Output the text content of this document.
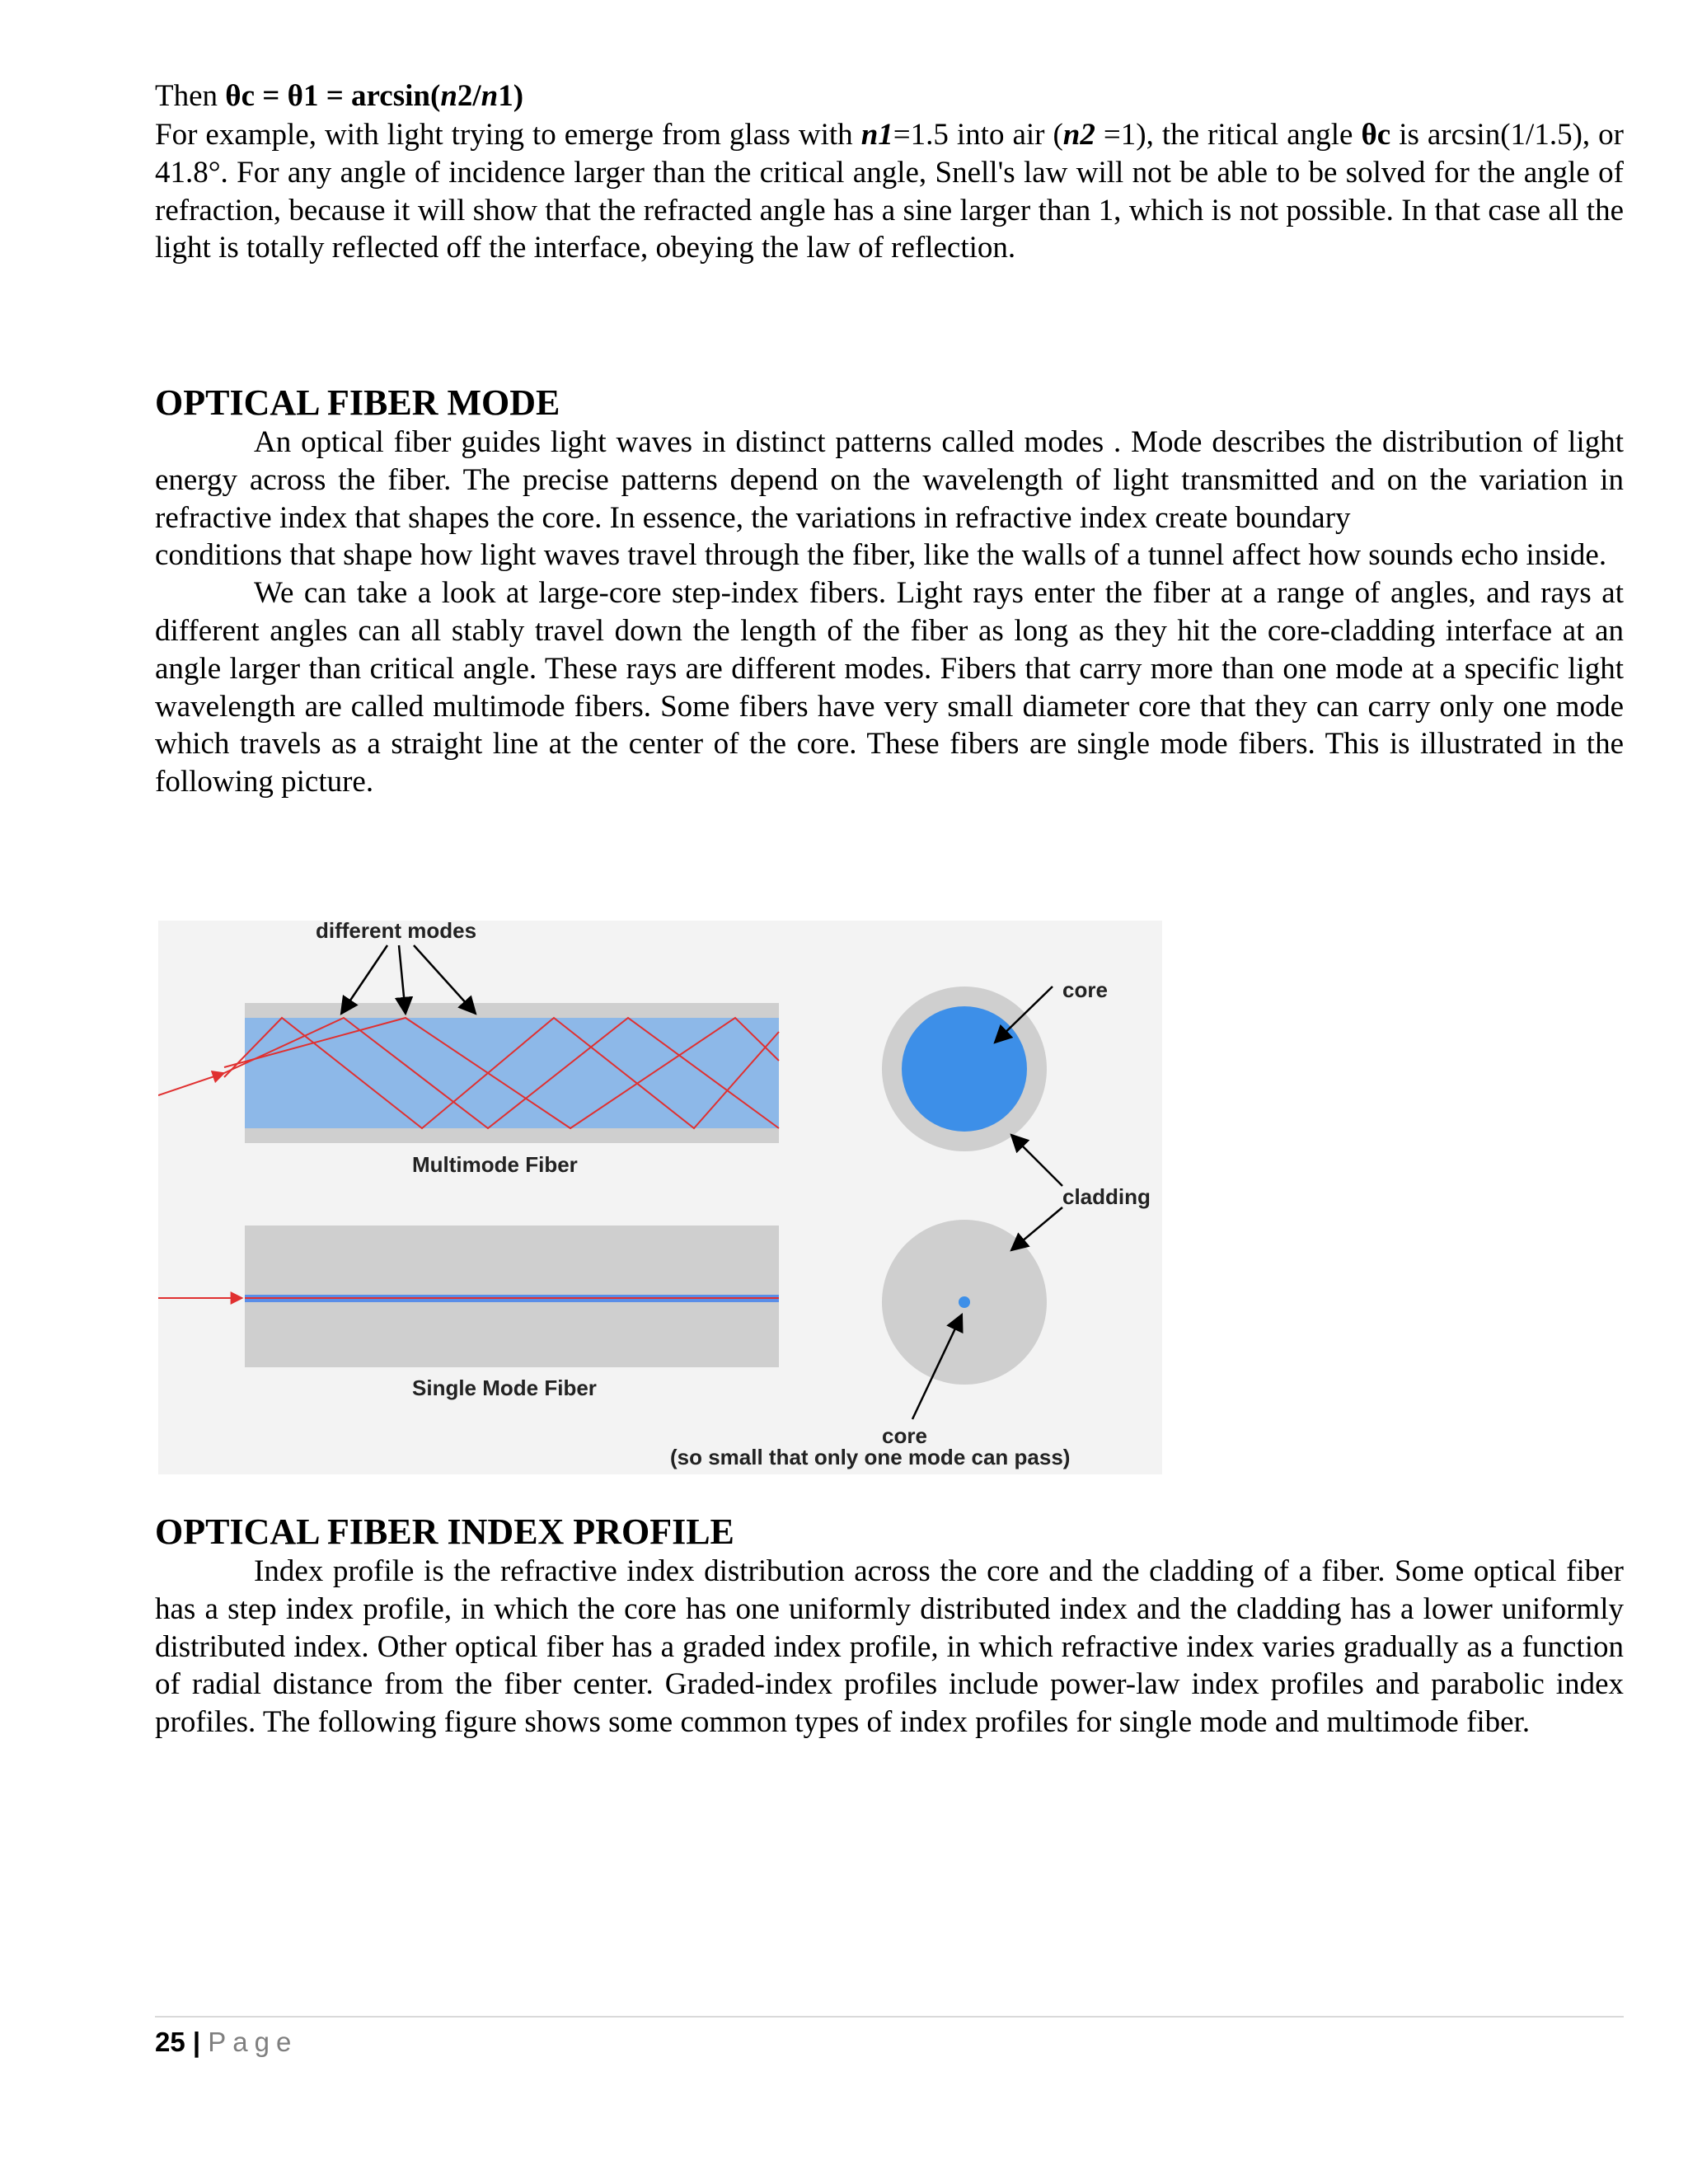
Then θc = θ1 = arcsin(n2/n1)

For example, with light trying to emerge from glass with n1=1.5 into air (n2 =1), the ritical angle θc is arcsin(1/1.5), or 41.8°. For any angle of incidence larger than the critical angle, Snell's law will not be able to be solved for the angle of refraction, because it will show that the refracted angle has a sine larger than 1, which is not possible. In that case all the light is totally reflected off the interface, obeying the law of reflection.

OPTICAL FIBER MODE

An optical fiber guides light waves in distinct patterns called modes . Mode describes the distribution of light energy across the fiber. The precise patterns depend on the wavelength of light transmitted and on the variation in refractive index that shapes the core. In essence, the variations in refractive index create boundary

conditions that shape how light waves travel through the fiber, like the walls of a tunnel affect how sounds echo inside.

We can take a look at large-core step-index fibers. Light rays enter the fiber at a range of angles, and rays at different angles can all stably travel down the length of the fiber as long as they hit the core-cladding interface at an angle larger than critical angle. These rays are different modes. Fibers that carry more than one mode at a specific light wavelength are called multimode fibers. Some fibers have very small diameter core that they can carry only one mode which travels as a straight line at the center of the core. These fibers are single mode fibers. This is illustrated in the following picture.

different modes
Multimode Fiber
Single Mode Fiber
core
cladding
core
(so small that only one mode can pass)
OPTICAL FIBER INDEX PROFILE

Index profile is the refractive index distribution across the core and the cladding of a fiber. Some optical fiber has a step index profile, in which the core has one uniformly distributed index and the cladding has a lower uniformly distributed index. Other optical fiber has a graded index profile, in which refractive index varies gradually as a function of radial distance from the fiber center. Graded-index profiles include power-law index profiles and parabolic index profiles. The following figure shows some common types of index profiles for single mode and multimode fiber.

25 | Page
